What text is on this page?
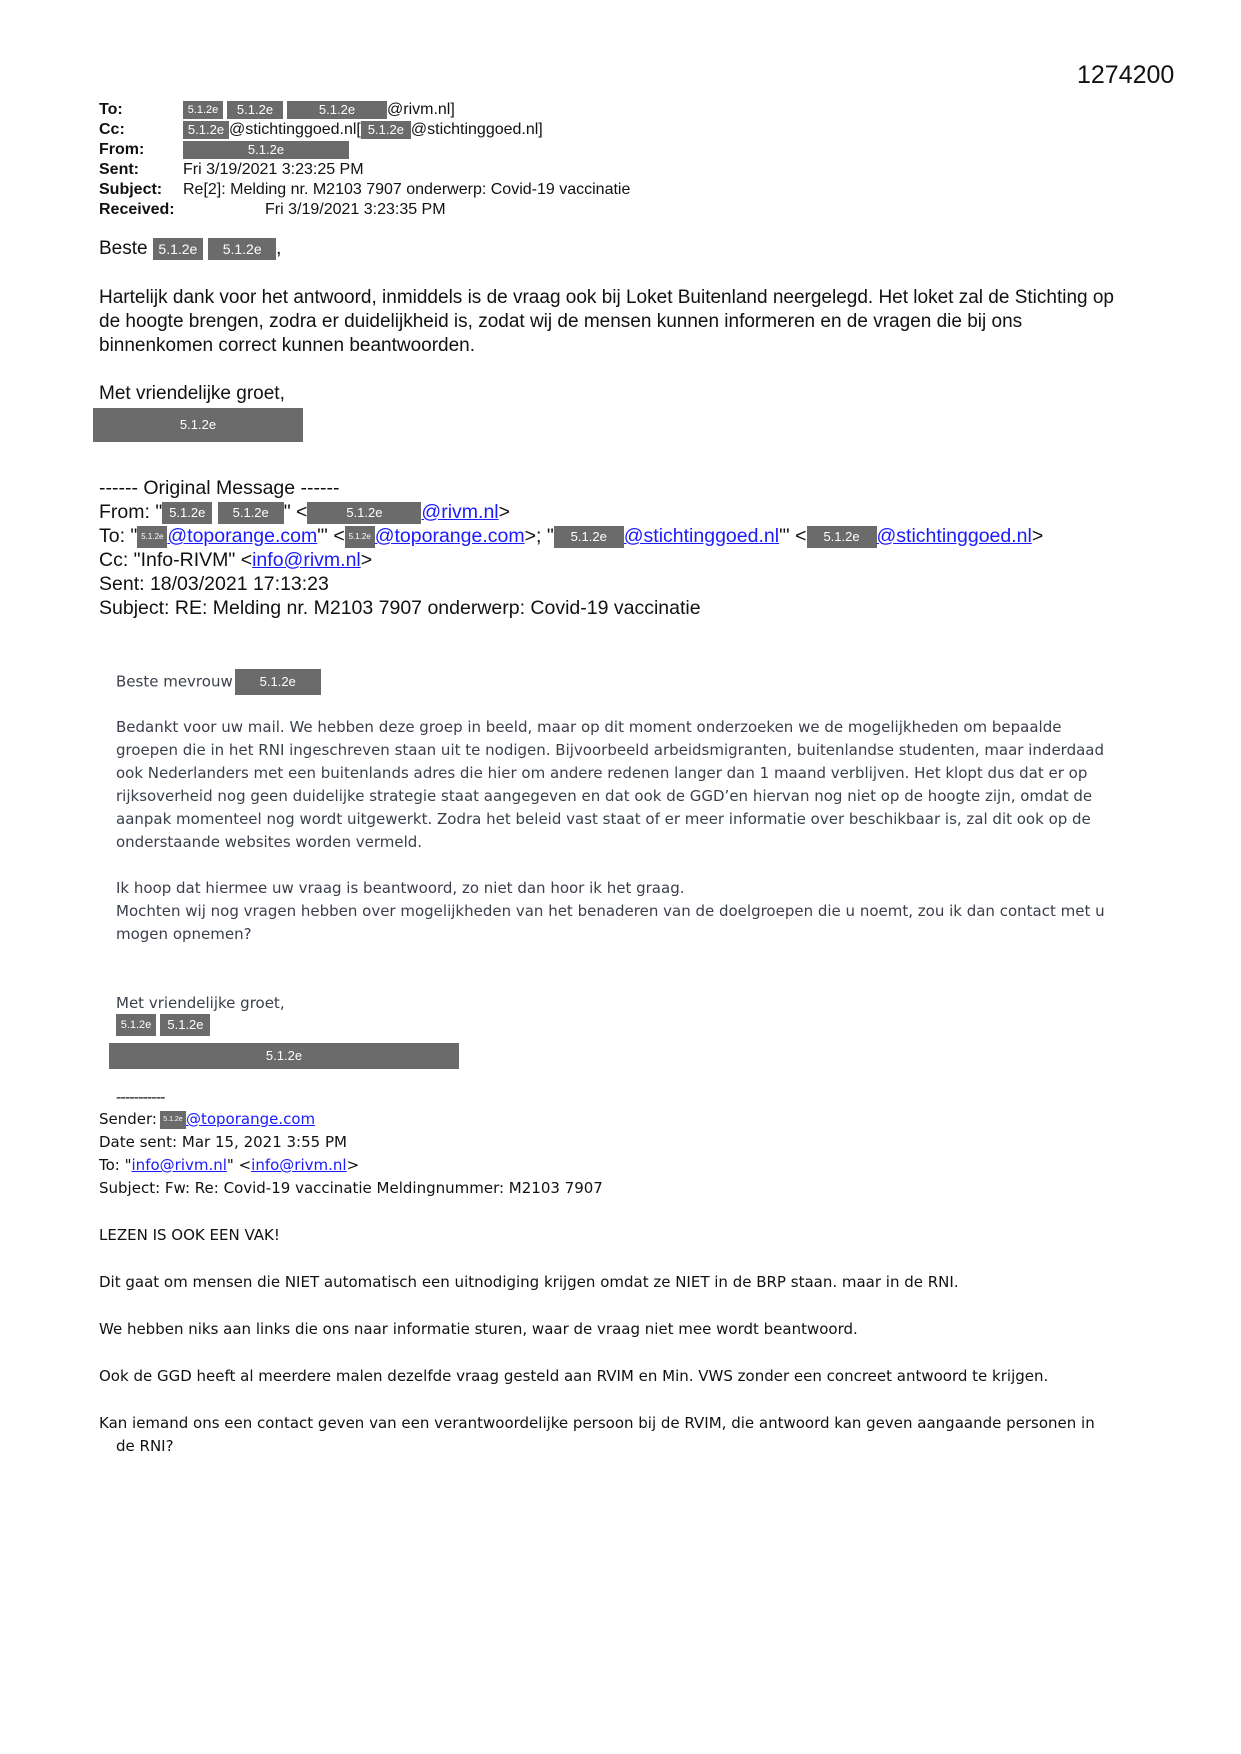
1274200
To:	5.1.2e 5.1.2e	5.1.2e @rivm.nl]
Cc:	5.1.2e @stichtinggoed.nl[ 5.1.2e @stichtinggoed.nl]
From:	5.1.2e
Sent:	Fri 3/19/2021 3:23:25 PM
Subject: Re[2]: Melding nr. M2103 7907 onderwerp: Covid-19 vaccinatie
Received:	Fri 3/19/2021 3:23:35 PM
Beste 5.1.2e 5.1.2e ,
Hartelijk dank voor het antwoord, inmiddels is de vraag ook bij Loket Buitenland neergelegd. Het loket zal de Stichting op de hoogte brengen, zodra er duidelijkheid is, zodat wij de mensen kunnen informeren en de vragen die bij ons binnenkomen correct kunnen beantwoorden.
Met vriendelijke groet,
5.1.2e
------ Original Message ------
From: " 5.1.2e 5.1.2e " <	5.1.2e @rivm.nl>
To: " 5.1.2e @toporange.com"' < 5.1.2e @toporange.com>; " 5.1.2e @stichtinggoed.nl"' < 5.1.2e @stichtinggoed.nl>
Cc: "Info-RIVM" <info@rivm.nl>
Sent: 18/03/2021 17:13:23
Subject: RE: Melding nr. M2103 7907 onderwerp: Covid-19 vaccinatie
Beste mevrouw 5.1.2e
Bedankt voor uw mail. We hebben deze groep in beeld, maar op dit moment onderzoeken we de mogelijkheden om bepaalde groepen die in het RNI ingeschreven staan uit te nodigen. Bijvoorbeeld arbeidsmigranten, buitenlandse studenten, maar inderdaad ook Nederlanders met een buitenlands adres die hier om andere redenen langer dan 1 maand verblijven. Het klopt dus dat er op rijksoverheid nog geen duidelijke strategie staat aangegeven en dat ook de GGD’en hiervan nog niet op de hoogte zijn, omdat de aanpak momenteel nog wordt uitgewerkt. Zodra het beleid vast staat of er meer informatie over beschikbaar is, zal dit ook op de onderstaande websites worden vermeld.
Ik hoop dat hiermee uw vraag is beantwoord, zo niet dan hoor ik het graag.
Mochten wij nog vragen hebben over mogelijkheden van het benaderen van de doelgroepen die u noemt, zou ik dan contact met u mogen opnemen?
Met vriendelijke groet,
5.1.2e 5.1.2e
5.1.2e
-----------
Sender: 5.1.2e @toporange.com
Date sent: Mar 15, 2021 3:55 PM
To: "info@rivm.nl" <info@rivm.nl>
Subject: Fw: Re: Covid-19 vaccinatie Meldingnummer: M2103 7907
LEZEN IS OOK EEN VAK!
Dit gaat om mensen die NIET automatisch een uitnodiging krijgen omdat ze NIET in de BRP staan. maar in de RNI.
We hebben niks aan links die ons naar informatie sturen, waar de vraag niet mee wordt beantwoord.
Ook de GGD heeft al meerdere malen dezelfde vraag gesteld aan RVIM en Min. VWS zonder een concreet antwoord te krijgen.
Kan iemand ons een contact geven van een verantwoordelijke persoon bij de RVIM, die antwoord kan geven aangaande personen in
de RNI?
